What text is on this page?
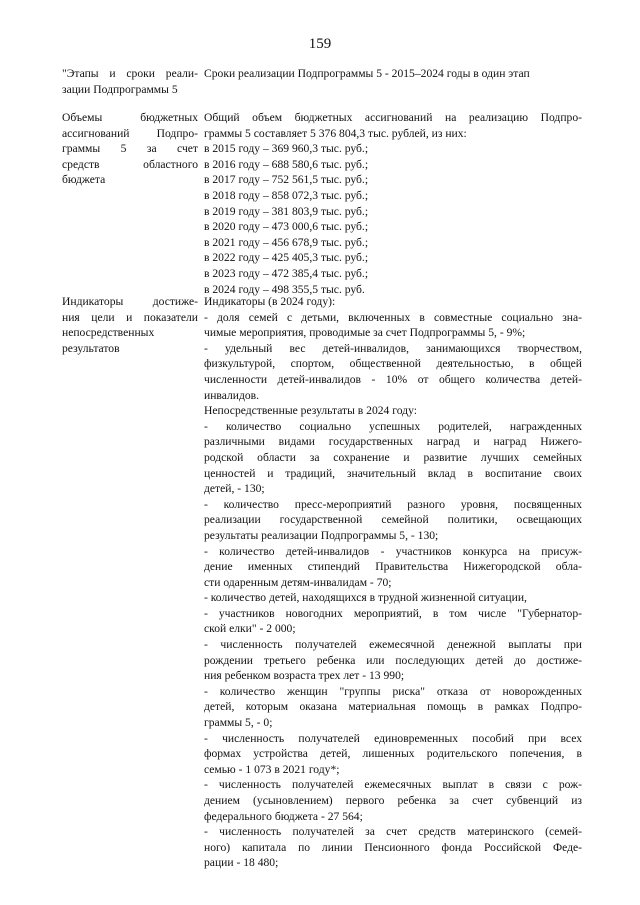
159
"Этапы и сроки реали-
зации Подпрограммы 5
Сроки реализации Подпрограммы 5 - 2015–2024 годы в один этап
Объемы бюджетных
ассигнований Подпро-
граммы 5 за счет
средств областного
бюджета
Общий объем бюджетных ассигнований на реализацию Подпро-
граммы 5 составляет 5 376 804,3 тыс. рублей, из них:
в 2015 году – 369 960,3 тыс. руб.;
в 2016 году – 688 580,6 тыс. руб.;
в 2017 году – 752 561,5 тыс. руб.;
в 2018 году – 858 072,3 тыс. руб.;
в 2019 году – 381 803,9 тыс. руб.;
в 2020 году – 473 000,6 тыс. руб.;
в 2021 году – 456 678,9 тыс. руб.;
в 2022 году – 425 405,3 тыс. руб.;
в 2023 году – 472 385,4 тыс. руб.;
в 2024 году – 498 355,5 тыс. руб.
Индикаторы достиже-
ния цели и показатели
непосредственных
результатов
Индикаторы (в 2024 году):
- доля семей с детьми, включенных в совместные социально зна-
чимые мероприятия, проводимые за счет Подпрограммы 5, - 9%;
- удельный вес детей-инвалидов, занимающихся творчеством,
физкультурой, спортом, общественной деятельностью, в общей
численности детей-инвалидов - 10% от общего количества детей-
инвалидов.
Непосредственные результаты в 2024 году:
- количество социально успешных родителей, награжденных
различными видами государственных наград и наград Нижего-
родской области за сохранение и развитие лучших семейных
ценностей и традиций, значительный вклад в воспитание своих
детей, - 130;
- количество пресс-мероприятий разного уровня, посвященных
реализации государственной семейной политики, освещающих
результаты реализации Подпрограммы 5, - 130;
- количество детей-инвалидов - участников конкурса на присуж-
дение именных стипендий Правительства Нижегородской обла-
сти одаренным детям-инвалидам - 70;
- количество детей, находящихся в трудной жизненной ситуации,
- участников новогодних мероприятий, в том числе "Губернатор-
ской елки" - 2 000;
- численность получателей ежемесячной денежной выплаты при
рождении третьего ребенка или последующих детей до достиже-
ния ребенком возраста трех лет - 13 990;
- количество женщин "группы риска" отказа от новорожденных
детей, которым оказана материальная помощь в рамках Подпро-
граммы 5, - 0;
- численность получателей единовременных пособий при всех
формах устройства детей, лишенных родительского попечения, в
семью - 1 073 в 2021 году*;
- численность получателей ежемесячных выплат в связи с рож-
дением (усыновлением) первого ребенка за счет субвенций из
федерального бюджета - 27 564;
- численность получателей за счет средств материнского (семей-
ного) капитала по линии Пенсионного фонда Российской Феде-
рации - 18 480;
